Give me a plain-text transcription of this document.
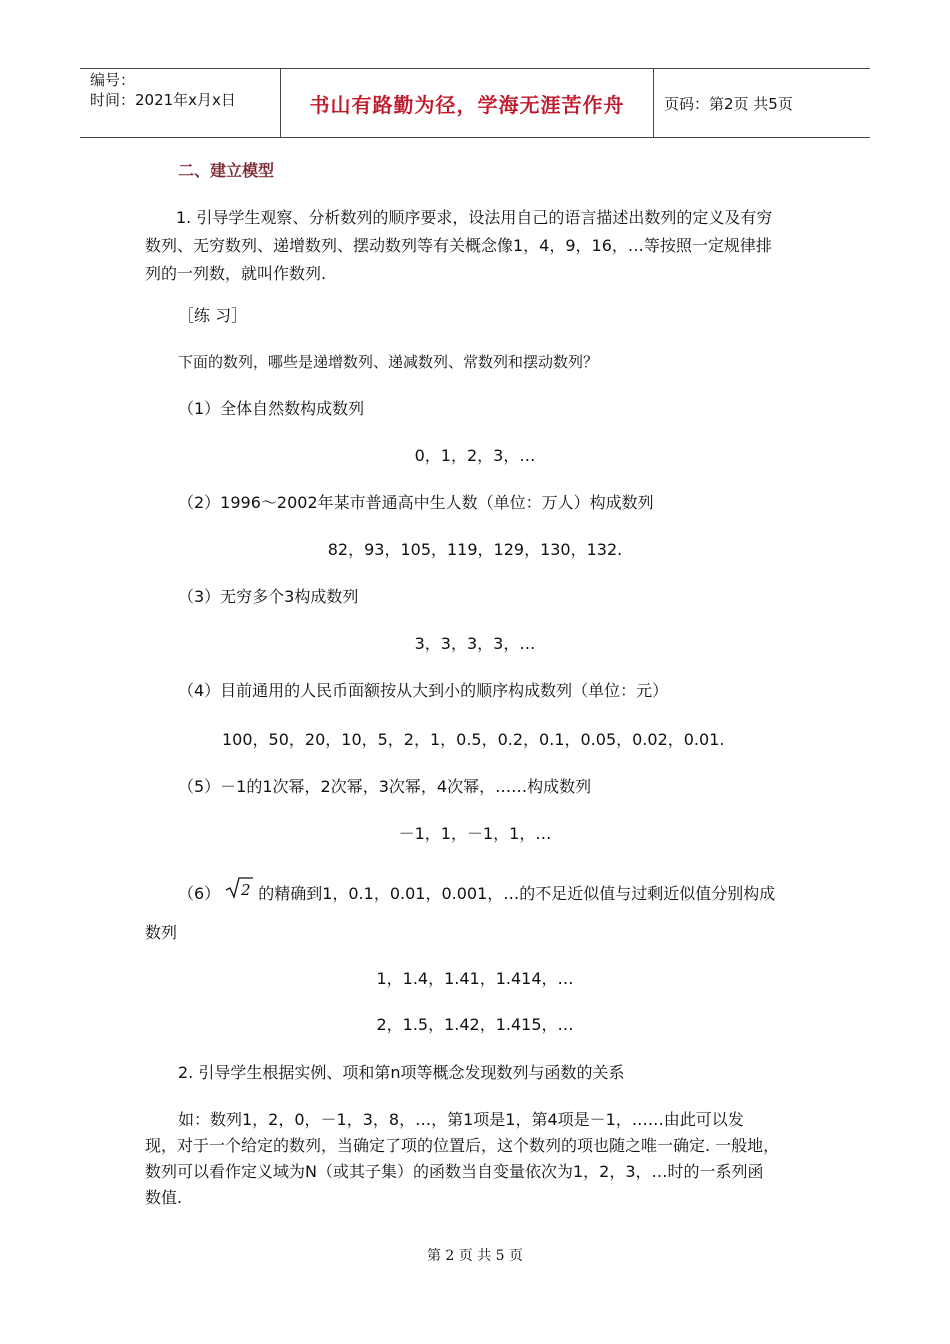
编号：
时间：2021年x月x日	书山有路勤为径，学海无涯苦作舟	页码：第2页 共5页
二、建立模型
1. 引导学生观察、分析数列的顺序要求，设法用自己的语言描述出数列的定义及有穷
数列、无穷数列、递增数列、摆动数列等有关概念像1，4，9，16，…等按照一定规律排
列的一列数，就叫作数列.
［练 习］
下面的数列，哪些是递增数列、递减数列、常数列和摆动数列？
（1）全体自然数构成数列
0，1，2，3，…
（2）1996～2002年某市普通高中生人数（单位：万人）构成数列
82，93，105，119，129，130，132.
（3）无穷多个3构成数列
3，3，3，3，…
（4）目前通用的人民币面额按从大到小的顺序构成数列（单位：元）
100，50，20，10，5，2，1，0.5，0.2，0.1，0.05，0.02，0.01.
（5）－1的1次幂，2次幂，3次幂，4次幂，……构成数列
－1，1，－1，1，…
（6） 2 的精确到1，0.1，0.01，0.001，…的不足近似值与过剩近似值分别构成
数列
1，1.4，1.41，1.414，…
2，1.5，1.42，1.415，…
2. 引导学生根据实例、项和第n项等概念发现数列与函数的关系
如：数列1，2，0，－1，3，8，…，第1项是1，第4项是－1，……由此可以发
现，对于一个给定的数列，当确定了项的位置后，这个数列的项也随之唯一确定. 一般地，
数列可以看作定义域为N（或其子集）的函数当自变量依次为1，2，3，…时的一系列函
数值.
第 2 页 共 5 页
